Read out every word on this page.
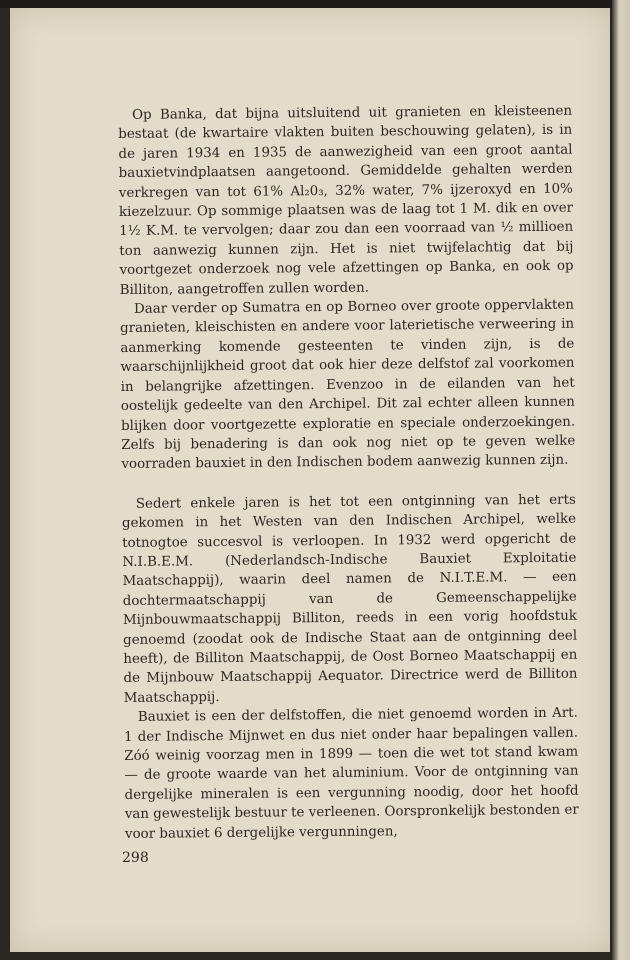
Op Banka, dat bijna uitsluitend uit granieten en kleisteenen bestaat (de kwartaire vlakten buiten beschouwing gelaten), is in de jaren 1934 en 1935 de aanwezigheid van een groot aantal bauxietvindplaatsen aangetoond. Gemiddelde gehalten werden verkregen van tot 61% Al₂0₃, 32% water, 7% ijzeroxyd en 10% kiezelzuur. Op sommige plaatsen was de laag tot 1 M. dik en over 1½ K.M. te vervolgen; daar zou dan een voorraad van ½ millioen ton aanwezig kunnen zijn. Het is niet twijfelachtig dat bij voortgezet onderzoek nog vele afzettingen op Banka, en ook op Billiton, aangetroffen zullen worden.

Daar verder op Sumatra en op Borneo over groote oppervlakten granieten, kleischisten en andere voor laterietische verweering in aanmerking komende gesteenten te vinden zijn, is de waarschijnlijkheid groot dat ook hier deze delfstof zal voorkomen in belangrijke afzettingen. Evenzoo in de eilanden van het oostelijk gedeelte van den Archipel. Dit zal echter alleen kunnen blijken door voortgezette exploratie en speciale onderzoekingen. Zelfs bij benadering is dan ook nog niet op te geven welke voorraden bauxiet in den Indischen bodem aanwezig kunnen zijn.

Sedert enkele jaren is het tot een ontginning van het erts gekomen in het Westen van den Indischen Archipel, welke totnogtoe succesvol is verloopen. In 1932 werd opgericht de N.I.B.E.M. (Nederlandsch-Indische Bauxiet Exploitatie Maatschappij), waarin deel namen de N.I.T.E.M. — een dochtermaatschappij van de Gemeenschappelijke Mijnbouwmaatschappij Billiton, reeds in een vorig hoofdstuk genoemd (zoodat ook de Indische Staat aan de ontginning deel heeft), de Billiton Maatschappij, de Oost Borneo Maatschappij en de Mijnbouw Maatschappij Aequator. Directrice werd de Billiton Maatschappij.

Bauxiet is een der delfstoffen, die niet genoemd worden in Art. 1 der Indische Mijnwet en dus niet onder haar bepalingen vallen. Zóó weinig voorzag men in 1899 — toen die wet tot stand kwam — de groote waarde van het aluminium. Voor de ontginning van dergelijke mineralen is een vergunning noodig, door het hoofd van gewestelijk bestuur te verleenen. Oorspronkelijk bestonden er voor bauxiet 6 dergelijke vergunningen,

298
